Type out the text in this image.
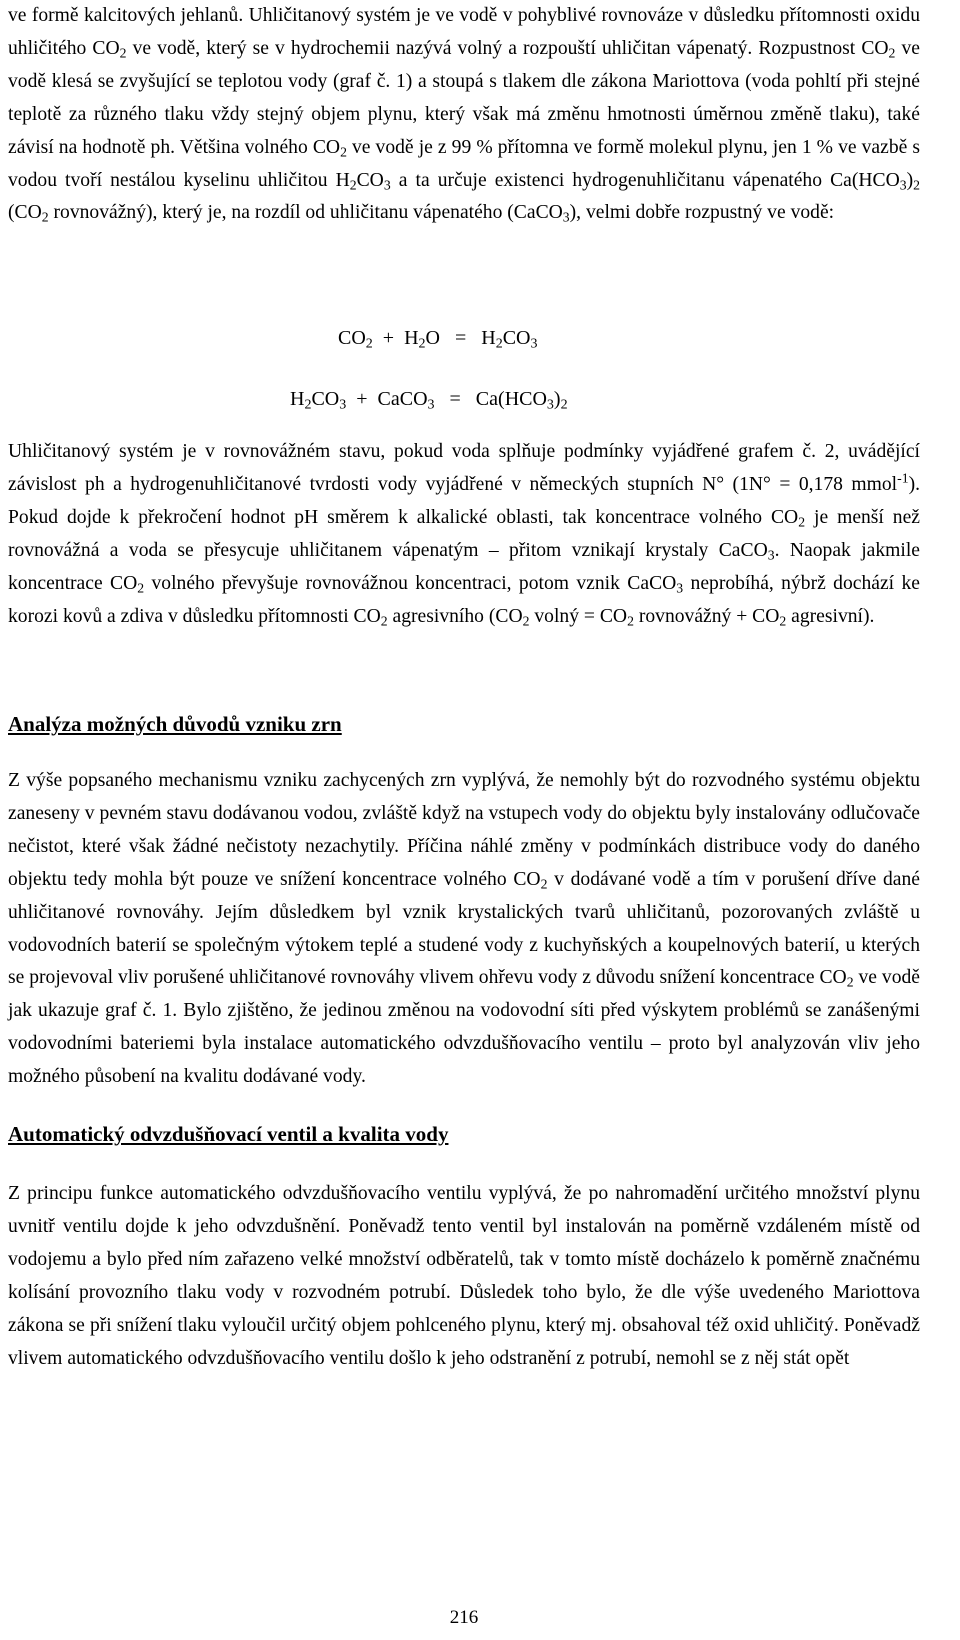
ve formě kalcitových jehlanů. Uhličitanový systém je ve vodě v pohyblivé rovnováze v důsledku přítomnosti oxidu uhličitého $CO_2$ ve vodě, který se v hydrochemii nazývá volný a rozpouští uhličitan vápenatý. Rozpustnost $CO_2$ ve vodě klesá se zvyšující se teplotou vody (graf č. 1) a stoupá s tlakem dle zákona Mariottova (voda pohltí při stejné teplotě za různého tlaku vždy stejný objem plynu, který však má změnu hmotnosti úměrnou změně tlaku), také závisí na hodnotě ph. Většina volného $CO_2$ ve vodě je z 99 % přítomna ve formě molekul plynu, jen 1 % ve vazbě s vodou tvoří nestálou kyselinu uhličitou $H_2CO_3$ a ta určuje existenci hydrogenuhličitanu vápenatého $Ca(HCO_3)_2$ ($CO_2$ rovnovážný), který je, na rozdíl od uhličitanu vápenatého (CaCO$_3$), velmi dobře rozpustný ve vodě:

$CO_2 + H_2O = H_2CO_3$
$H_2CO_3$  +  CaCO$_3$   =   $Ca(HCO_3)_2$

Uhličitanový systém je v rovnovážném stavu, pokud voda splňuje podmínky vyjádřené grafem č. 2, uvádějící závislost ph a hydrogenuhličitanové tvrdosti vody vyjádřené v německých stupních N° (1N° = 0,178 mmol$^{-1}$). Pokud dojde k překročení hodnot pH směrem k alkalické oblasti, tak koncentrace volného $CO_2$ je menší než rovnovážná a voda se přesycuje uhličitanem vápenatým – přitom vznikají krystaly CaCO$_3$. Naopak jakmile koncentrace $CO_2$ volného převyšuje rovnovážnou koncentraci, potom vznik CaCO$_3$ neprobíhá, nýbrž dochází ke korozi kovů a zdiva v důsledku přítomnosti $CO_2$ agresivního ($CO_2$ volný = $CO_2$ rovnovážný + $CO_2$ agresivní).

Analýza možných důvodů vzniku zrn

Z výše popsaného mechanismu vzniku zachycených zrn vyplývá, že nemohly být do rozvodného systému objektu zaneseny v pevném stavu dodávanou vodou, zvláště když na vstupech vody do objektu byly instalovány odlučovače nečistot, které však žádné nečistoty nezachytily. Příčina náhlé změny v podmínkách distribuce vody do daného objektu tedy mohla být pouze ve snížení koncentrace volného $CO_2$ v dodávané vodě a tím v porušení dříve dané uhličitanové rovnováhy. Jejím důsledkem byl vznik krystalických tvarů uhličitanů, pozorovaných zvláště u vodovodních baterií se společným výtokem teplé a studené vody z kuchyňských a koupelnových baterií, u kterých se projevoval vliv porušené uhličitanové rovnováhy vlivem ohřevu vody z důvodu snížení koncentrace $CO_2$ ve vodě jak ukazuje graf č. 1. Bylo zjištěno, že jedinou změnou na vodovodní síti před výskytem problémů se zanášenými vodovodními bateriemi byla instalace automatického odvzdušňovacího ventilu – proto byl analyzován vliv jeho možného působení na kvalitu dodávané vody.

Automatický odvzdušňovací ventil a kvalita vody

Z principu funkce automatického odvzdušňovacího ventilu vyplývá, že po nahromadění určitého množství plynu uvnitř ventilu dojde k jeho odvzdušnění. Poněvadž tento ventil byl instalován na poměrně vzdáleném místě od vodojemu a bylo před ním zařazeno velké množství odběratelů, tak v tomto místě docházelo k poměrně značnému kolísání provozního tlaku vody v rozvodném potrubí. Důsledek toho bylo, že dle výše uvedeného Mariottova zákona se při snížení tlaku vyloučil určitý objem pohlceného plynu, který mj. obsahoval též oxid uhličitý. Poněvadž vlivem automatického odvzdušňovacího ventilu došlo k jeho odstranění z potrubí, nemohl se z něj stát opět

216
